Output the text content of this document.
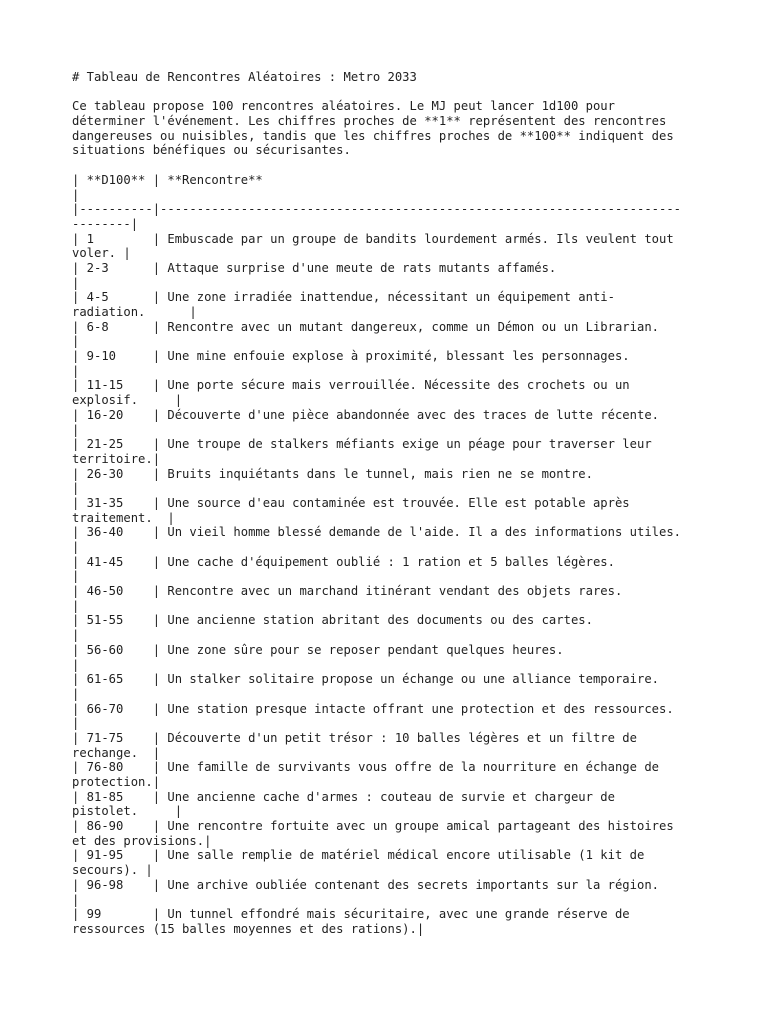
# Tableau de Rencontres Aléatoires : Metro 2033
Ce tableau propose 100 rencontres aléatoires. Le MJ peut lancer 1d100 pour
déterminer l'événement. Les chiffres proches de **1** représentent des rencontres
dangereuses ou nuisibles, tandis que les chiffres proches de **100** indiquent des
situations bénéfiques ou sécurisantes.
| **D100** | **Rencontre**
|
|----------|-----------------------------------------------------------------------
--------|
| 1        | Embuscade par un groupe de bandits lourdement armés. Ils veulent tout
voler. |
| 2-3      | Attaque surprise d'une meute de rats mutants affamés.
|
| 4-5      | Une zone irradiée inattendue, nécessitant un équipement anti-
radiation.      |
| 6-8      | Rencontre avec un mutant dangereux, comme un Démon ou un Librarian.
|
| 9-10     | Une mine enfouie explose à proximité, blessant les personnages.
|
| 11-15    | Une porte sécure mais verrouillée. Nécessite des crochets ou un
explosif.     |
| 16-20    | Découverte d'une pièce abandonnée avec des traces de lutte récente.
|
| 21-25    | Une troupe de stalkers méfiants exige un péage pour traverser leur
territoire.|
| 26-30    | Bruits inquiétants dans le tunnel, mais rien ne se montre.
|
| 31-35    | Une source d'eau contaminée est trouvée. Elle est potable après
traitement.  |
| 36-40    | Un vieil homme blessé demande de l'aide. Il a des informations utiles.
|
| 41-45    | Une cache d'équipement oublié : 1 ration et 5 balles légères.
|
| 46-50    | Rencontre avec un marchand itinérant vendant des objets rares.
|
| 51-55    | Une ancienne station abritant des documents ou des cartes.
|
| 56-60    | Une zone sûre pour se reposer pendant quelques heures.
|
| 61-65    | Un stalker solitaire propose un échange ou une alliance temporaire.
|
| 66-70    | Une station presque intacte offrant une protection et des ressources.
|
| 71-75    | Découverte d'un petit trésor : 10 balles légères et un filtre de
rechange.  |
| 76-80    | Une famille de survivants vous offre de la nourriture en échange de
protection.|
| 81-85    | Une ancienne cache d'armes : couteau de survie et chargeur de
pistolet.     |
| 86-90    | Une rencontre fortuite avec un groupe amical partageant des histoires
et des provisions.|
| 91-95    | Une salle remplie de matériel médical encore utilisable (1 kit de
secours). |
| 96-98    | Une archive oubliée contenant des secrets importants sur la région.
|
| 99       | Un tunnel effondré mais sécuritaire, avec une grande réserve de
ressources (15 balles moyennes et des rations).|
